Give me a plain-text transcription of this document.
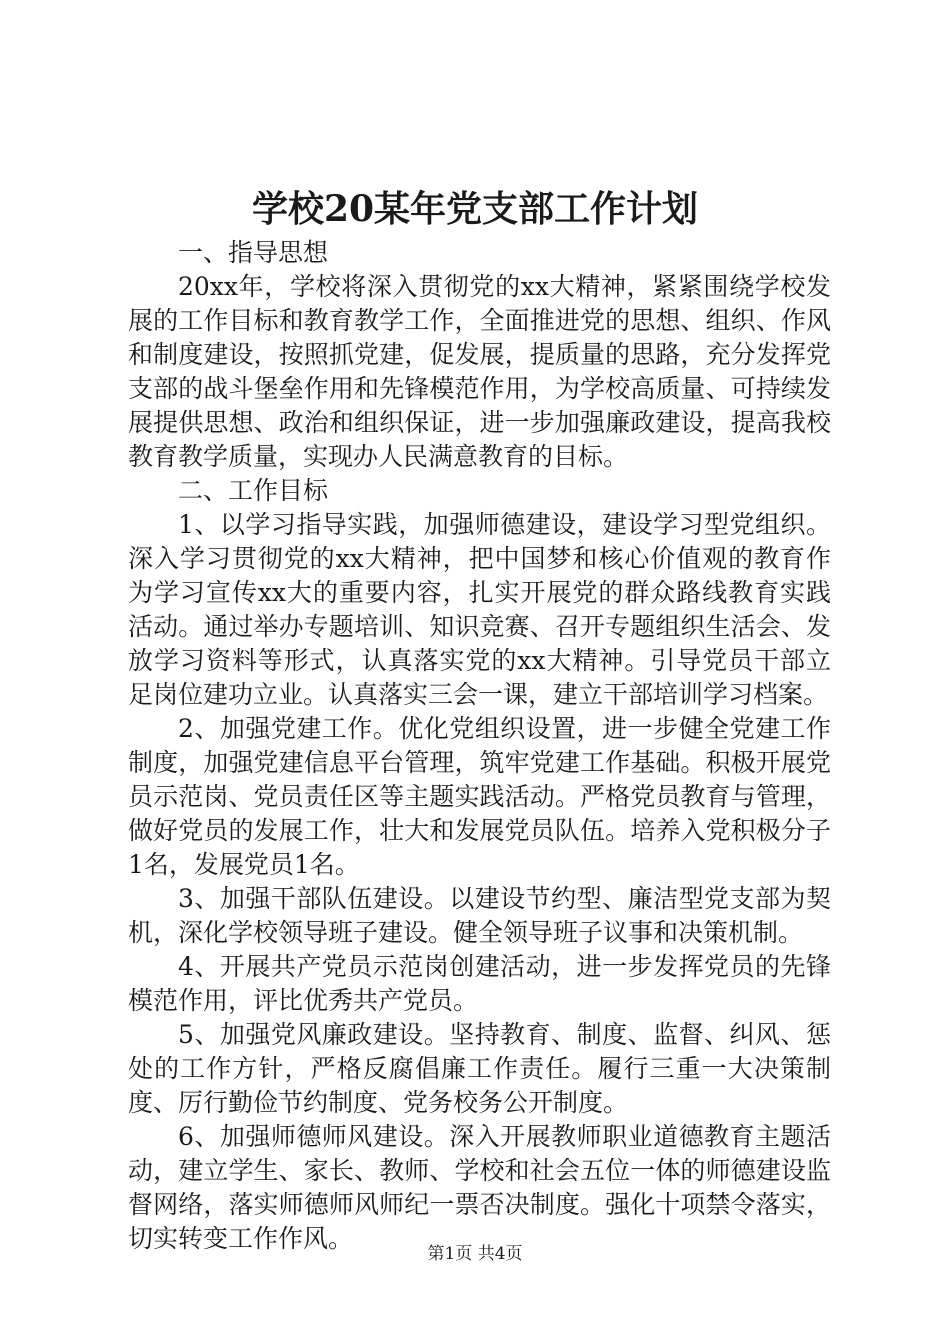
学校20某年党支部工作计划

一、指导思想

20xx年，学校将深入贯彻党的xx大精神，紧紧围绕学校发展的工作目标和教育教学工作，全面推进党的思想、组织、作风和制度建设，按照抓党建，促发展，提质量的思路，充分发挥党支部的战斗堡垒作用和先锋模范作用，为学校高质量、可持续发展提供思想、政治和组织保证，进一步加强廉政建设，提高我校教育教学质量，实现办人民满意教育的目标。

二、工作目标

1、以学习指导实践，加强师德建设，建设学习型党组织。深入学习贯彻党的xx大精神，把中国梦和核心价值观的教育作为学习宣传xx大的重要内容，扎实开展党的群众路线教育实践活动。通过举办专题培训、知识竞赛、召开专题组织生活会、发放学习资料等形式，认真落实党的xx大精神。引导党员干部立足岗位建功立业。认真落实三会一课，建立干部培训学习档案。

2、加强党建工作。优化党组织设置，进一步健全党建工作制度，加强党建信息平台管理，筑牢党建工作基础。积极开展党员示范岗、党员责任区等主题实践活动。严格党员教育与管理，做好党员的发展工作，壮大和发展党员队伍。培养入党积极分子1名，发展党员1名。

3、加强干部队伍建设。以建设节约型、廉洁型党支部为契机，深化学校领导班子建设。健全领导班子议事和决策机制。

4、开展共产党员示范岗创建活动，进一步发挥党员的先锋模范作用，评比优秀共产党员。

5、加强党风廉政建设。坚持教育、制度、监督、纠风、惩处的工作方针，严格反腐倡廉工作责任。履行三重一大决策制度、厉行勤俭节约制度、党务校务公开制度。

6、加强师德师风建设。深入开展教师职业道德教育主题活动，建立学生、家长、教师、学校和社会五位一体的师德建设监督网络，落实师德师风师纪一票否决制度。强化十项禁令落实，切实转变工作作风。

第1页 共4页
